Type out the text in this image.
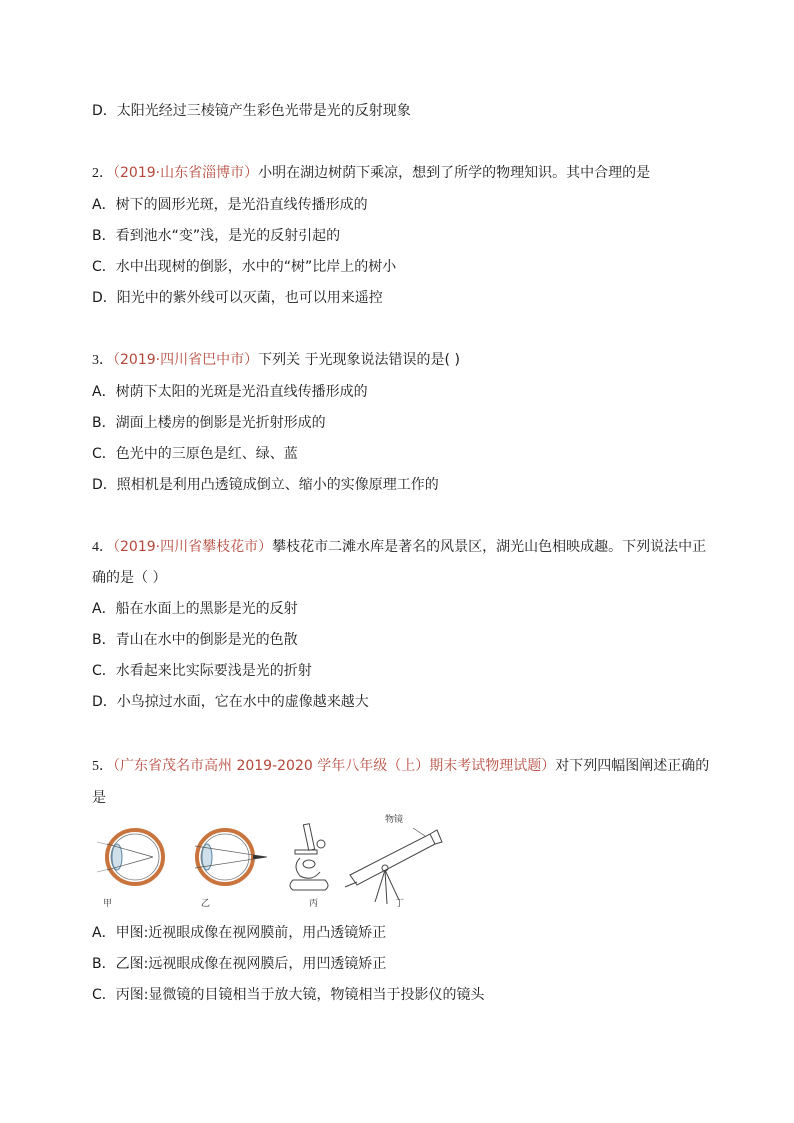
D．太阳光经过三棱镜产生彩色光带是光的反射现象
2．（2019·山东省淄博市）小明在湖边树荫下乘凉，想到了所学的物理知识。其中合理的是
A．树下的圆形光斑，是光沿直线传播形成的
B．看到池水“变”浅，是光的反射引起的
C．水中出现树的倒影，水中的“树”比岸上的树小
D．阳光中的紫外线可以灭菌，也可以用来遥控
3．（2019·四川省巴中市）下列关 于光现象说法错误的是( )
A．树荫下太阳的光斑是光沿直线传播形成的
B．湖面上楼房的倒影是光折射形成的
C．色光中的三原色是红、绿、蓝
D．照相机是利用凸透镜成倒立、缩小的实像原理工作的
4．（2019·四川省攀枝花市）攀枝花市二滩水库是著名的风景区，湖光山色相映成趣。下列说法中正
确的是（ ）
A．船在水面上的黑影是光的反射
B．青山在水中的倒影是光的色散
C．水看起来比实际要浅是光的折射
D．小鸟掠过水面，它在水中的虚像越来越大
5．（广东省茂名市高州 2019-2020 学年八年级（上）期末考试物理试题）对下列四幅图阐述正确的
是
甲	乙	丙	丁
物镜
A．甲图:近视眼成像在视网膜前，用凸透镜矫正
B．乙图:远视眼成像在视网膜后，用凹透镜矫正
C．丙图:显微镜的目镜相当于放大镜，物镜相当于投影仪的镜头
